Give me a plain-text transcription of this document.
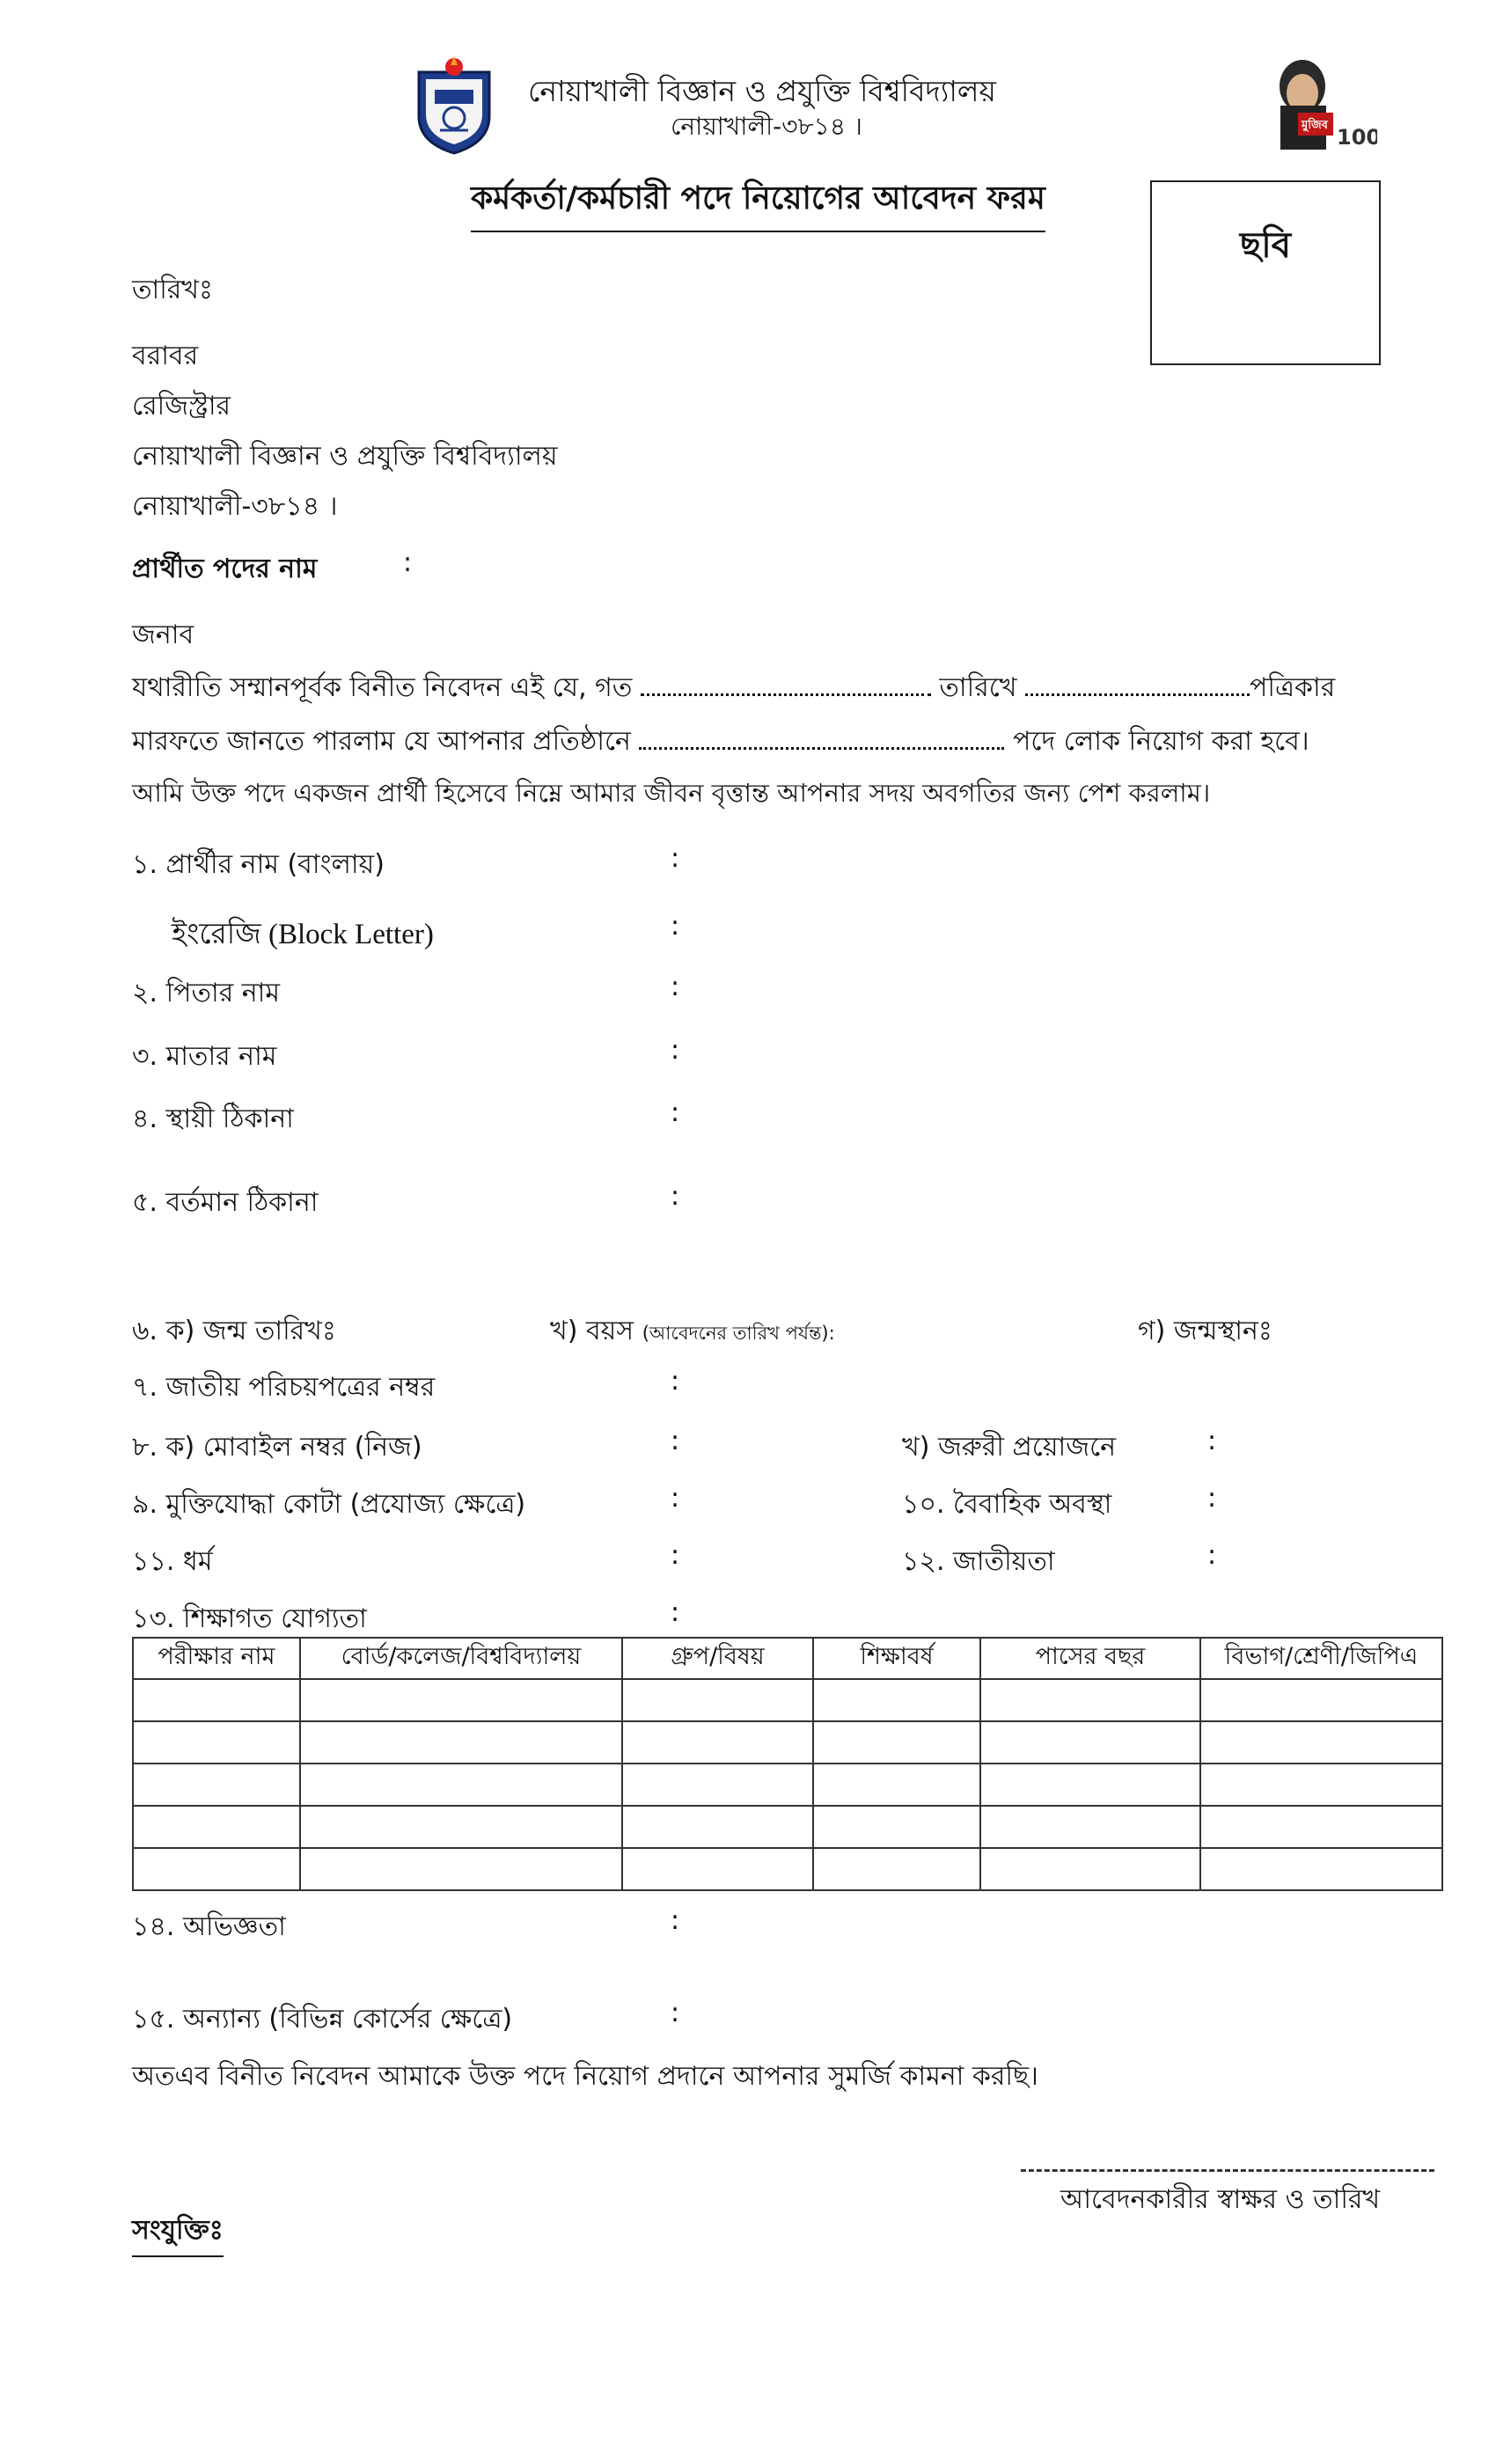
নোয়াখালী বিজ্ঞান ও প্রযুক্তি বিশ্ববিদ্যালয়
নোয়াখালী-৩৮১৪ ।	মুজিব 100
কর্মকর্তা/কর্মচারী পদে নিয়োগের আবেদন ফরম
ছবি
তারিখঃ
বরাবর
রেজিস্ট্রার
নোয়াখালী বিজ্ঞান ও প্রযুক্তি বিশ্ববিদ্যালয়
নোয়াখালী-৩৮১৪ ।
প্রার্থীত পদের নাম	:
জনাব
যথারীতি সম্মানপূর্বক বিনীত নিবেদন এই যে, গত	তারিখে	পত্রিকার
মারফতে জানতে পারলাম যে আপনার প্রতিষ্ঠানে	পদে লোক নিয়োগ করা হবে।
আমি উক্ত পদে একজন প্রার্থী হিসেবে নিম্নে আমার জীবন বৃত্তান্ত আপনার সদয় অবগতির জন্য পেশ করলাম।
১. প্রার্থীর নাম (বাংলায়)	:
ইংরেজি (Block Letter)	:
২. পিতার নাম	:
৩. মাতার নাম	:
৪. স্থায়ী ঠিকানা	:
৫. বর্তমান ঠিকানা	:
৬. ক) জন্ম তারিখঃ	খ) বয়স (আবেদনের তারিখ পর্যন্ত):	গ) জন্মস্থানঃ
৭. জাতীয় পরিচয়পত্রের নম্বর	:
৮. ক) মোবাইল নম্বর (নিজ)	:	খ) জরুরী প্রয়োজনে	:
৯. মুক্তিযোদ্ধা কোটা (প্রযোজ্য ক্ষেত্রে)	:	১০. বৈবাহিক অবস্থা	:
১১. ধর্ম	:	১২. জাতীয়তা	:
১৩. শিক্ষাগত যোগ্যতা	:
পরীক্ষার নাম	বোর্ড/কলেজ/বিশ্ববিদ্যালয়	গ্রুপ/বিষয়	শিক্ষাবর্ষ	পাসের বছর	বিভাগ/শ্রেণী/জিপিএ

১৪. অভিজ্ঞতা	:
১৫. অন্যান্য (বিভিন্ন কোর্সের ক্ষেত্রে)	:
অতএব বিনীত নিবেদন আমাকে উক্ত পদে নিয়োগ প্রদানে আপনার সুমর্জি কামনা করছি।
আবেদনকারীর স্বাক্ষর ও তারিখ
সংযুক্তিঃ
